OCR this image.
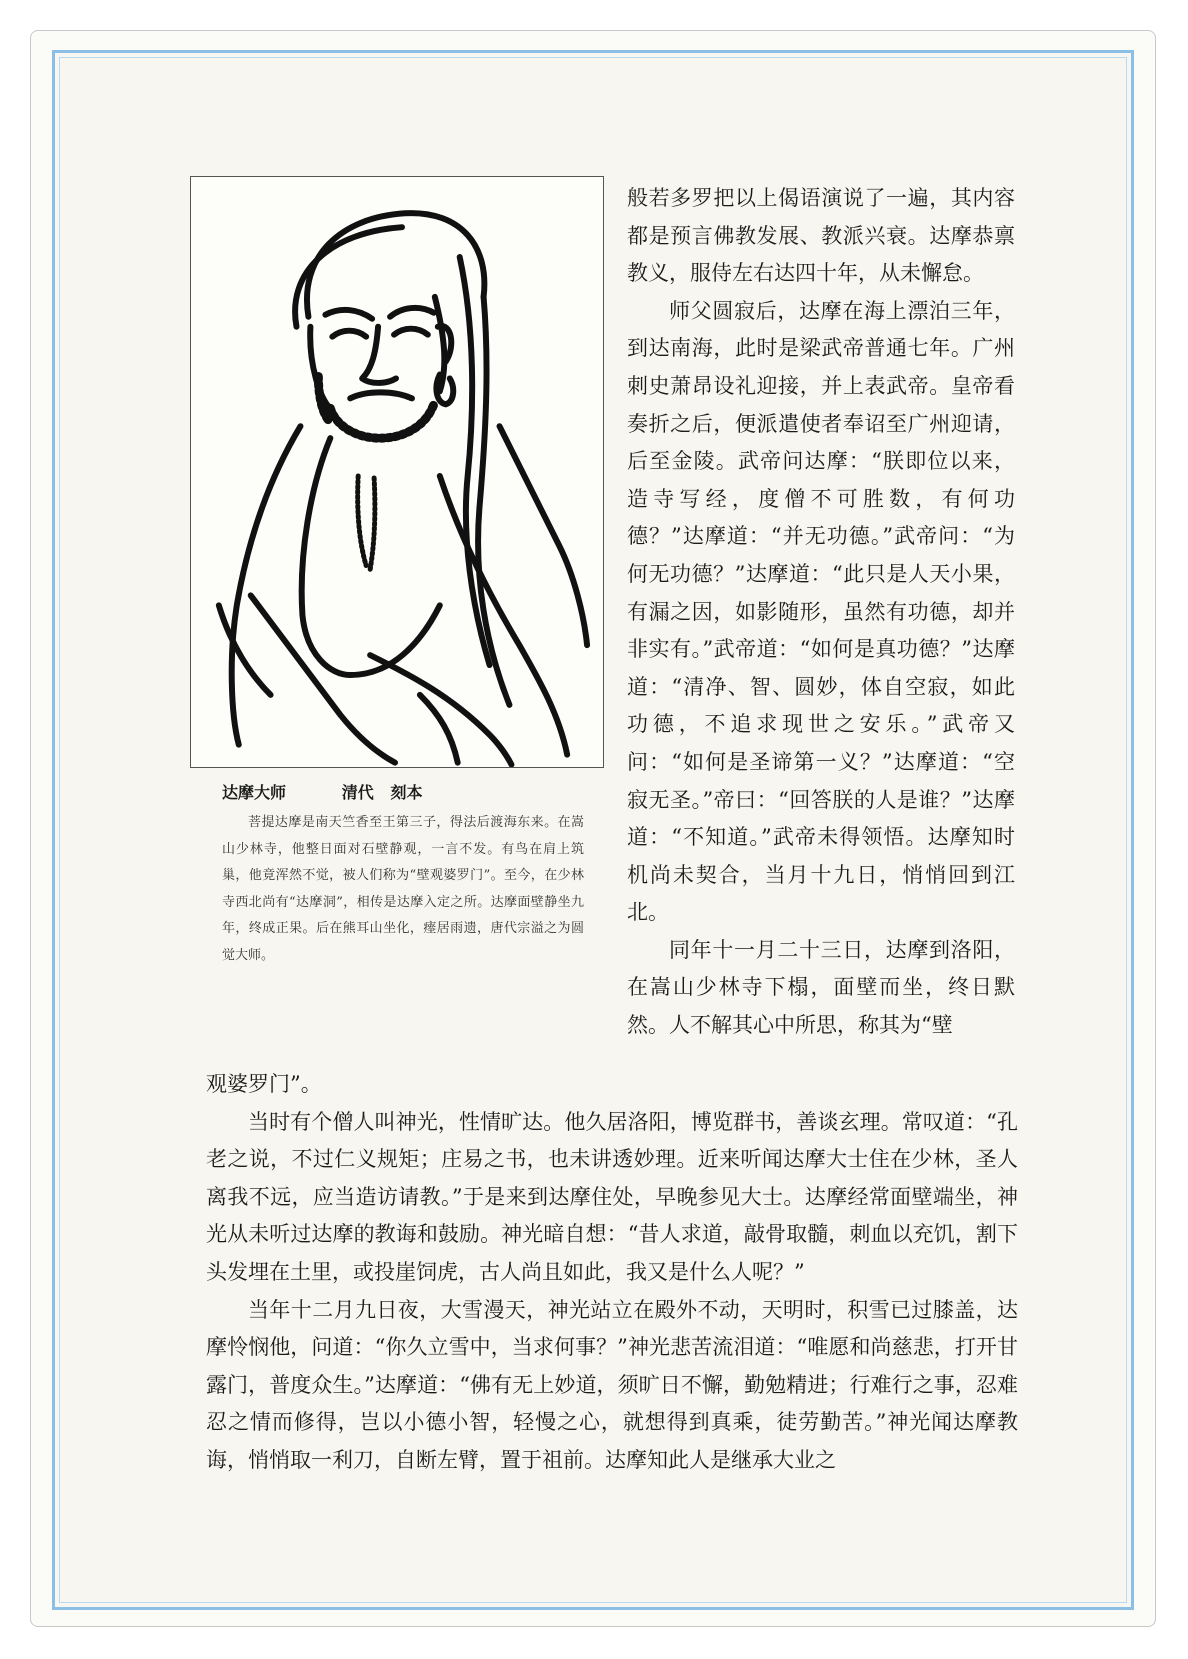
达摩大师	清代 刻本
菩提达摩是南天竺香至王第三子，得法后渡海东来。在嵩山少林寺，他整日面对石壁静观，一言不发。有鸟在肩上筑巢，他竟浑然不觉，被人们称为“壁观婆罗门”。至今，在少林寺西北尚有“达摩洞”，相传是达摩入定之所。达摩面壁静坐九年，终成正果。后在熊耳山坐化，瘗居雨遗，唐代宗溢之为圆觉大师。

般若多罗把以上偈语演说了一遍，其内容都是预言佛教发展、教派兴衰。达摩恭禀教义，服侍左右达四十年，从未懈怠。

师父圆寂后，达摩在海上漂泊三年，到达南海，此时是梁武帝普通七年。广州刺史萧昂设礼迎接，并上表武帝。皇帝看奏折之后，便派遣使者奉诏至广州迎请，后至金陵。武帝问达摩：“朕即位以来，造寺写经，度僧不可胜数，有何功德？”达摩道：“并无功德。”武帝问：“为何无功德？”达摩道：“此只是人天小果，有漏之因，如影随形，虽然有功德，却并非实有。”武帝道：“如何是真功德？”达摩道：“清净、智、圆妙，体自空寂，如此功德，不追求现世之安乐。”武帝又问：“如何是圣谛第一义？”达摩道：“空寂无圣。”帝曰：“回答朕的人是谁？”达摩道：“不知道。”武帝未得领悟。达摩知时机尚未契合，当月十九日，悄悄回到江北。

同年十一月二十三日，达摩到洛阳，在嵩山少林寺下榻，面壁而坐，终日默然。人不解其心中所思，称其为“壁

观婆罗门”。

当时有个僧人叫神光，性情旷达。他久居洛阳，博览群书，善谈玄理。常叹道：“孔老之说，不过仁义规矩；庄易之书，也未讲透妙理。近来听闻达摩大士住在少林，圣人离我不远，应当造访请教。”于是来到达摩住处，早晚参见大士。达摩经常面壁端坐，神光从未听过达摩的教诲和鼓励。神光暗自想：“昔人求道，敲骨取髓，刺血以充饥，割下头发埋在土里，或投崖饲虎，古人尚且如此，我又是什么人呢？”

当年十二月九日夜，大雪漫天，神光站立在殿外不动，天明时，积雪已过膝盖，达摩怜悯他，问道：“你久立雪中，当求何事？”神光悲苦流泪道：“唯愿和尚慈悲，打开甘露门，普度众生。”达摩道：“佛有无上妙道，须旷日不懈，勤勉精进；行难行之事，忍难忍之情而修得，岂以小德小智，轻慢之心，就想得到真乘，徒劳勤苦。”神光闻达摩教诲，悄悄取一利刀，自断左臂，置于祖前。达摩知此人是继承大业之
